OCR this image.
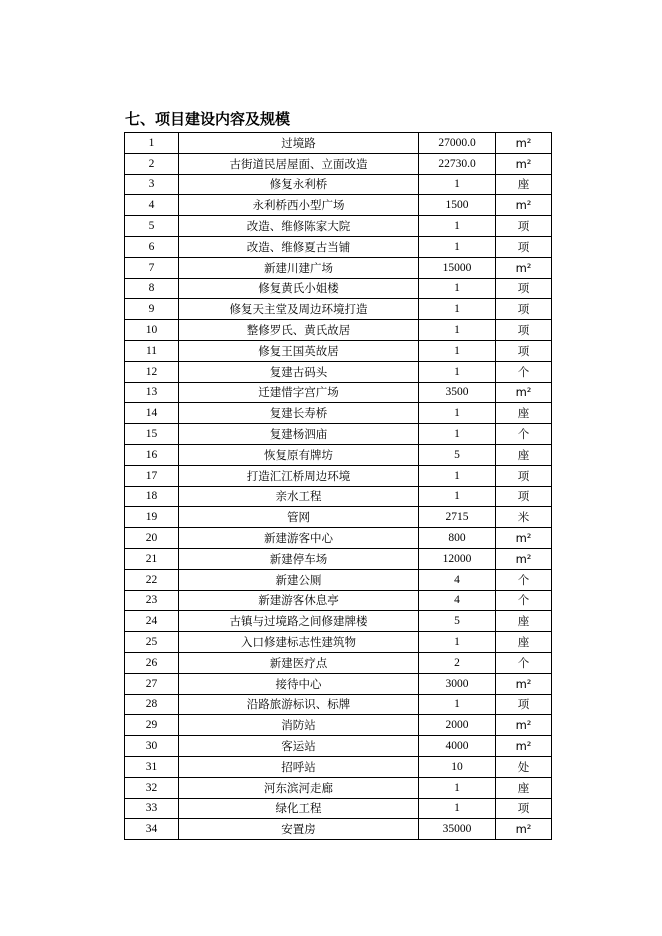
七、项目建设内容及规模
1	过境路	27000.0	m²
2	古街道民居屋面、立面改造	22730.0	m²
3	修复永利桥	1	座
4	永利桥西小型广场	1500	m²
5	改造、维修陈家大院	1	项
6	改造、维修夏古当铺	1	项
7	新建川建广场	15000	m²
8	修复黄氏小姐楼	1	项
9	修复天主堂及周边环境打造	1	项
10	整修罗氏、黄氏故居	1	项
11	修复王国英故居	1	项
12	复建古码头	1	个
13	迁建惜字宫广场	3500	m²
14	复建长寿桥	1	座
15	复建杨泗庙	1	个
16	恢复原有牌坊	5	座
17	打造汇江桥周边环境	1	项
18	亲水工程	1	项
19	管网	2715	米
20	新建游客中心	800	m²
21	新建停车场	12000	m²
22	新建公厕	4	个
23	新建游客休息亭	4	个
24	古镇与过境路之间修建牌楼	5	座
25	入口修建标志性建筑物	1	座
26	新建医疗点	2	个
27	接待中心	3000	m²
28	沿路旅游标识、标牌	1	项
29	消防站	2000	m²
30	客运站	4000	m²
31	招呼站	10	处
32	河东滨河走廊	1	座
33	绿化工程	1	项
34	安置房	35000	m²
